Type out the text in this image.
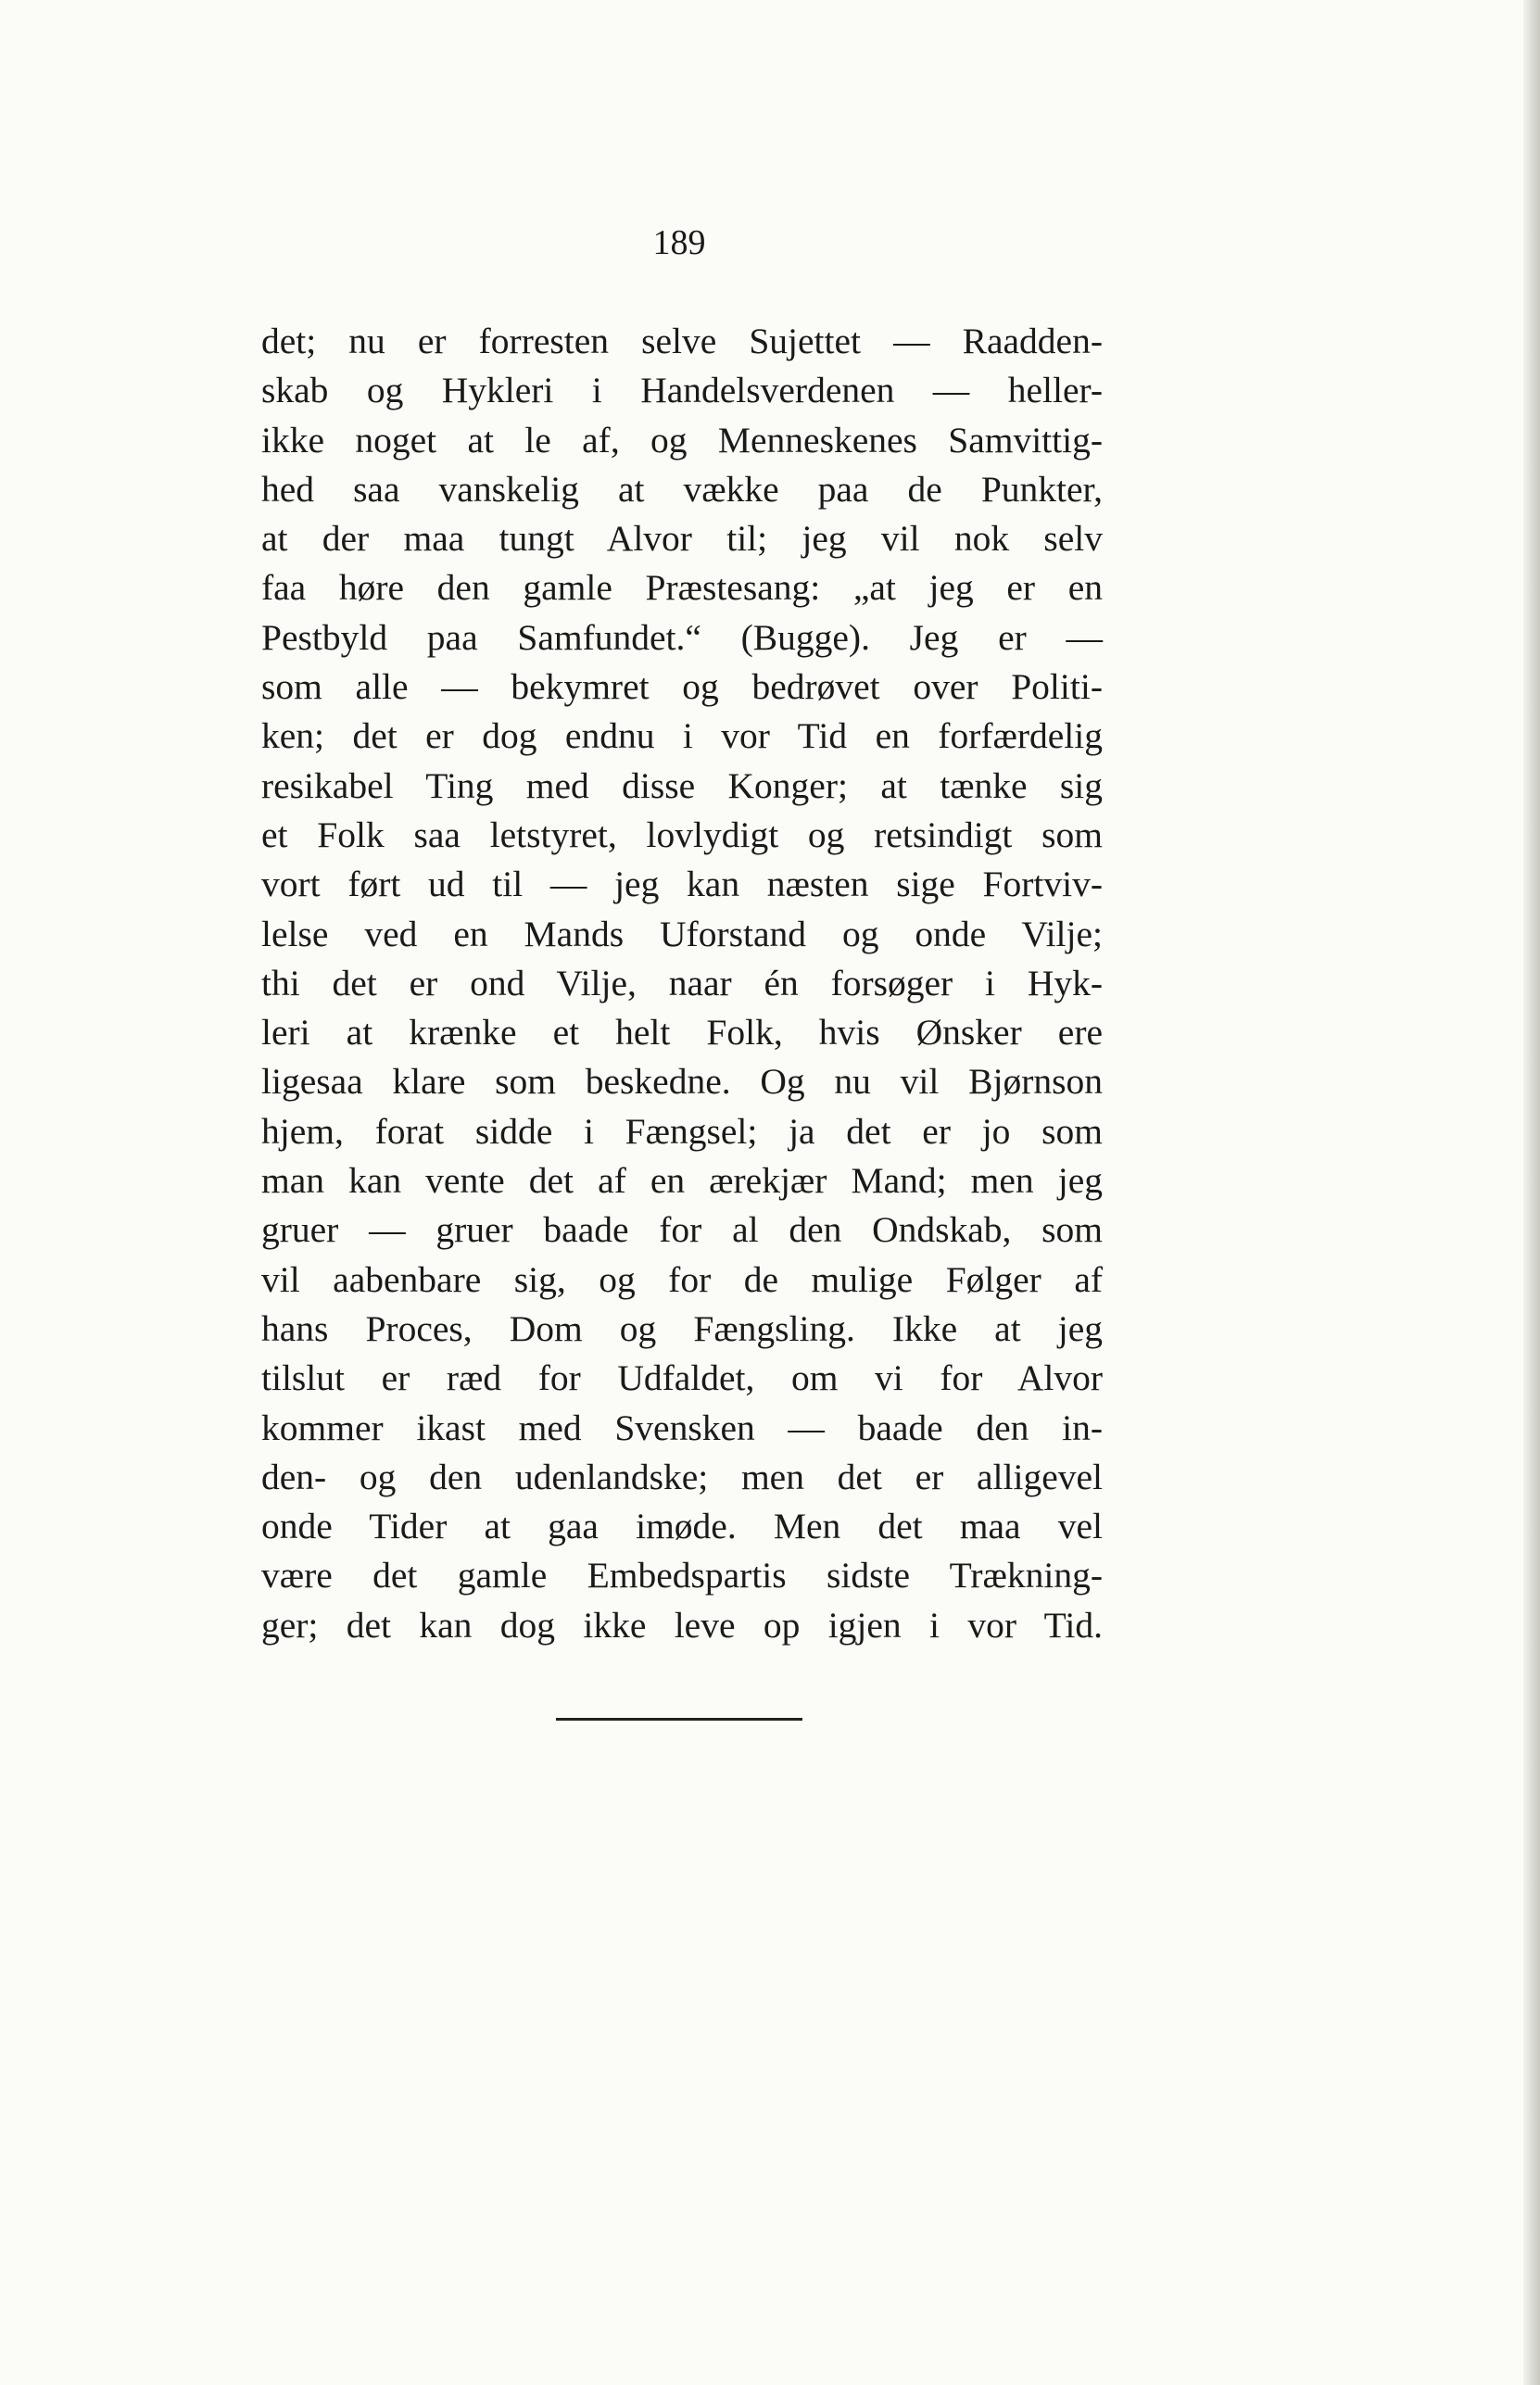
189
det; nu er forresten selve Sujettet — Raadden-
skab og Hykleri i Handelsverdenen — heller-
ikke noget at le af, og Menneskenes Samvittig-
hed saa vanskelig at vække paa de Punkter,
at der maa tungt Alvor til; jeg vil nok selv
faa høre den gamle Præstesang: „at jeg er en
Pestbyld paa Samfundet.“ (Bugge). Jeg er —
som alle — bekymret og bedrøvet over Politi-
ken; det er dog endnu i vor Tid en forfærdelig
resikabel Ting med disse Konger; at tænke sig
et Folk saa letstyret, lovlydigt og retsindigt som
vort ført ud til — jeg kan næsten sige Fortviv-
lelse ved en Mands Uforstand og onde Vilje;
thi det er ond Vilje, naar én forsøger i Hyk-
leri at krænke et helt Folk, hvis Ønsker ere
ligesaa klare som beskedne. Og nu vil Bjørnson
hjem, forat sidde i Fængsel; ja det er jo som
man kan vente det af en ærekjær Mand; men jeg
gruer — gruer baade for al den Ondskab, som
vil aabenbare sig, og for de mulige Følger af
hans Proces, Dom og Fængsling. Ikke at jeg
tilslut er ræd for Udfaldet, om vi for Alvor
kommer ikast med Svensken — baade den in-
den- og den udenlandske; men det er alligevel
onde Tider at gaa imøde. Men det maa vel
være det gamle Embedspartis sidste Trækning-
ger; det kan dog ikke leve op igjen i vor Tid.
